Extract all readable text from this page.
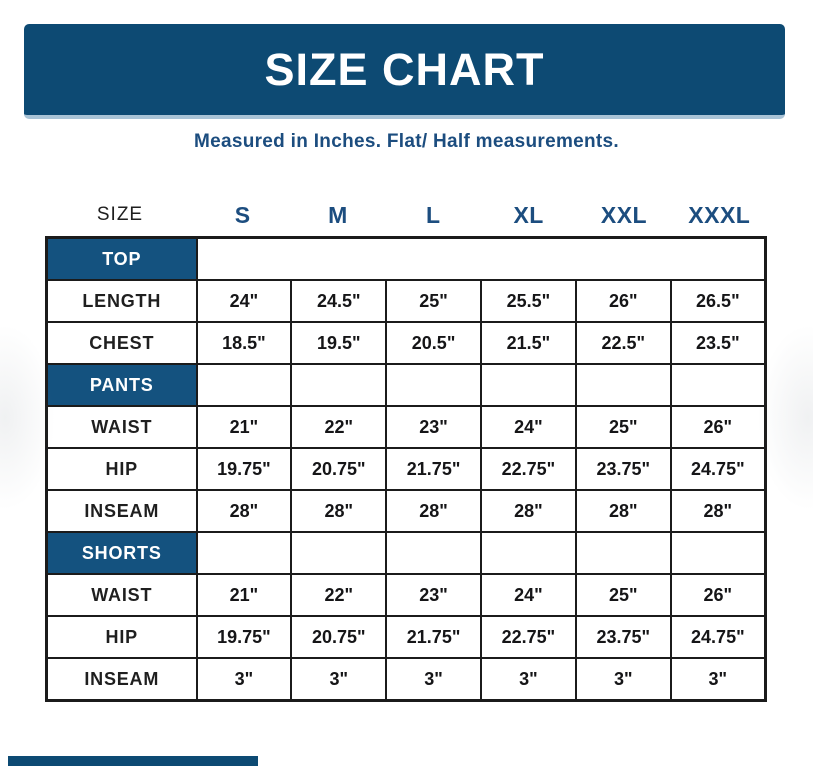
SIZE CHART
Measured in Inches. Flat/ Half measurements.
SIZE	S	M	L	XL	XXL	XXXL
TOP						
LENGTH	24"	24.5"	25"	25.5"	26"	26.5"
CHEST	18.5"	19.5"	20.5"	21.5"	22.5"	23.5"
PANTS						
WAIST	21"	22"	23"	24"	25"	26"
HIP	19.75"	20.75"	21.75"	22.75"	23.75"	24.75"
INSEAM	28"	28"	28"	28"	28"	28"
SHORTS						
WAIST	21"	22"	23"	24"	25"	26"
HIP	19.75"	20.75"	21.75"	22.75"	23.75"	24.75"
INSEAM	3"	3"	3"	3"	3"	3"
